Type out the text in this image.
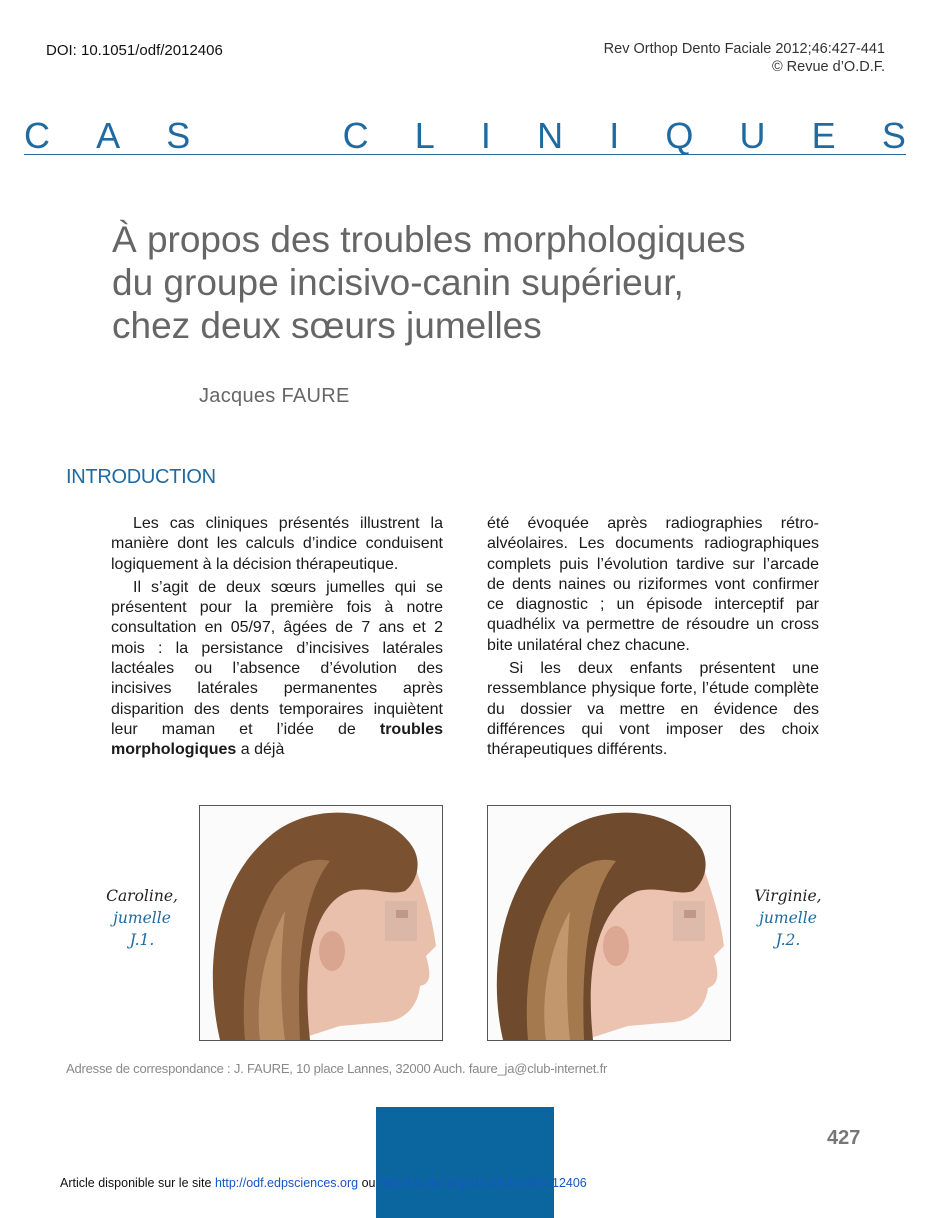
DOI: 10.1051/odf/2012406	Rev Orthop Dento Faciale 2012;46:427-441
© Revue d’O.D.F.
C A S	C L I N I Q U E S
À propos des troubles morphologiques
du groupe incisivo-canin supérieur,
chez deux sœurs jumelles

Jacques FAURE

INTRODUCTION

Les cas cliniques présentés illustrent la manière dont les calculs d’indice conduisent logiquement à la décision thérapeutique.

Il s’agit de deux sœurs jumelles qui se présentent pour la première fois à notre consultation en 05/97, âgées de 7 ans et 2 mois : la persistance d’incisives latérales lactéales ou l’absence d’évolution des incisives latérales permanentes après disparition des dents temporaires inquiètent leur maman et l’idée de troubles morphologiques a déjà

été évoquée après radiographies rétro-alvéolaires. Les documents radiographiques complets puis l’évolution tardive sur l’arcade de dents naines ou riziformes vont confirmer ce diagnostic ; un épisode interceptif par quadhélix va permettre de résoudre un cross bite unilatéral chez chacune.

Si les deux enfants présentent une ressemblance physique forte, l’étude complète du dossier va mettre en évidence des différences qui vont imposer des choix thérapeutiques différents.

Caroline,
jumelle
J.1.
Virginie,
jumelle
J.2.
Adresse de correspondance : J. FAURE, 10 place Lannes, 32000 Auch. faure_ja@club-internet.fr
427
Article disponible sur le site http://odf.edpsciences.org ou http://dx.doi.org/10.1051/odf/2012406
